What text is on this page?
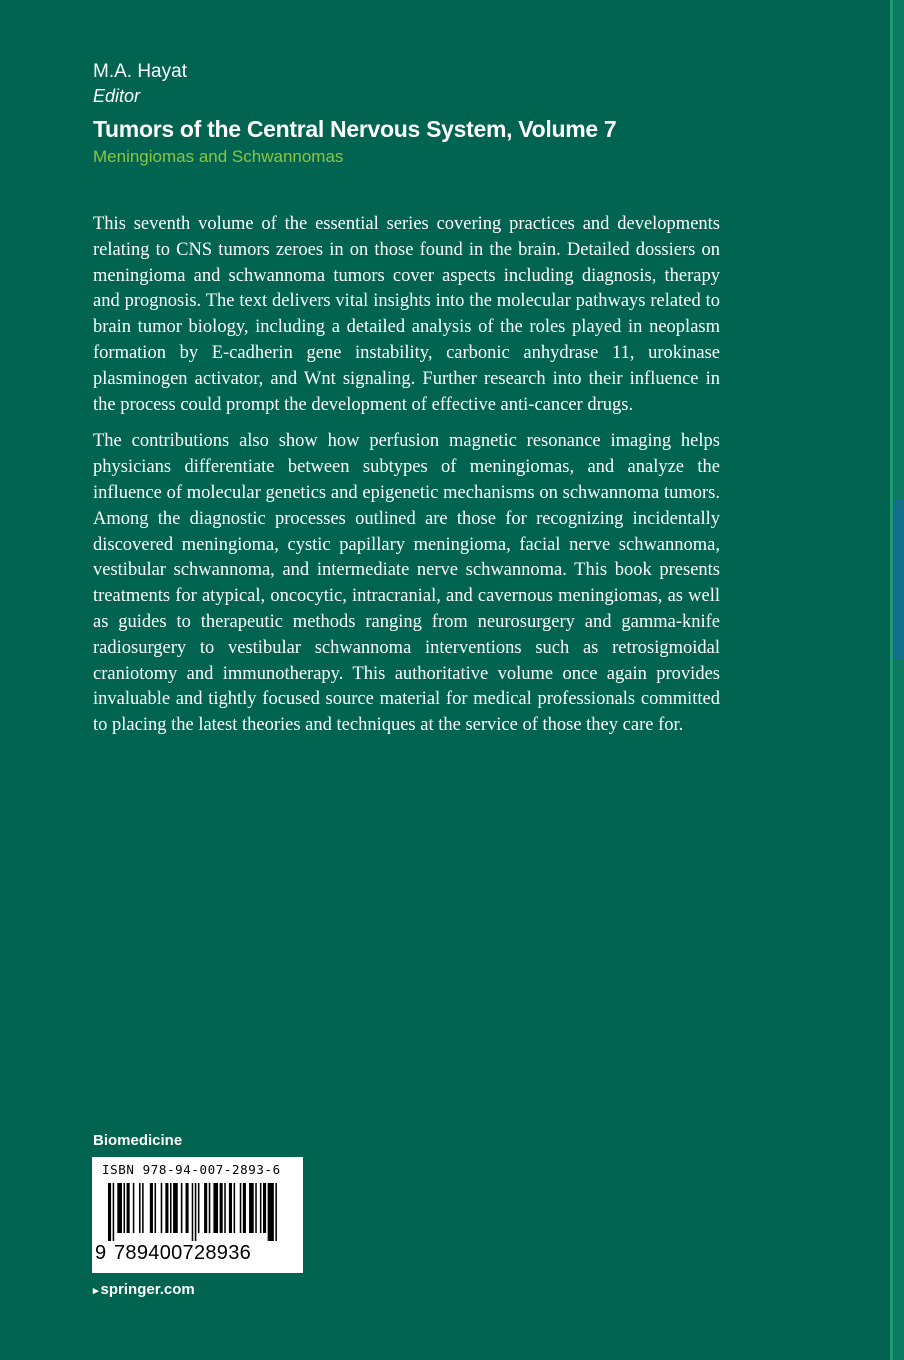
M.A. Hayat
Editor
Tumors of the Central Nervous System, Volume 7
Meningiomas and Schwannomas

This seventh volume of the essential series covering practices and developments relating to CNS tumors zeroes in on those found in the brain. Detailed dossiers on meningioma and schwannoma tumors cover aspects including diagnosis, therapy and prognosis. The text delivers vital insights into the molecular pathways related to brain tumor biology, including a detailed analysis of the roles played in neoplasm formation by E-cadherin gene instability, carbonic anhydrase 11, urokinase plasminogen activator, and Wnt signaling. Further research into their influence in the process could prompt the development of effective anti-cancer drugs.

The contributions also show how perfusion magnetic resonance imaging helps physicians differentiate between subtypes of meningiomas, and analyze the influence of molecular genetics and epigenetic mechanisms on schwannoma tumors. Among the diagnostic processes outlined are those for recognizing incidentally discovered meningioma, cystic papillary meningioma, facial nerve schwannoma, vestibular schwannoma, and intermediate nerve schwannoma. This book presents treatments for atypical, oncocytic, intracranial, and cavernous meningiomas, as well as guides to therapeutic methods ranging from neurosurgery and gamma-knife radiosurgery to vestibular schwannoma interventions such as retrosigmoidal craniotomy and immunotherapy. This authoritative volume once again provides invaluable and tightly focused source material for medical professionals committed to placing the latest theories and techniques at the service of those they care for.

Biomedicine
ISBN 978-94-007-2893-6
9 789400728936
▸ springer.com
